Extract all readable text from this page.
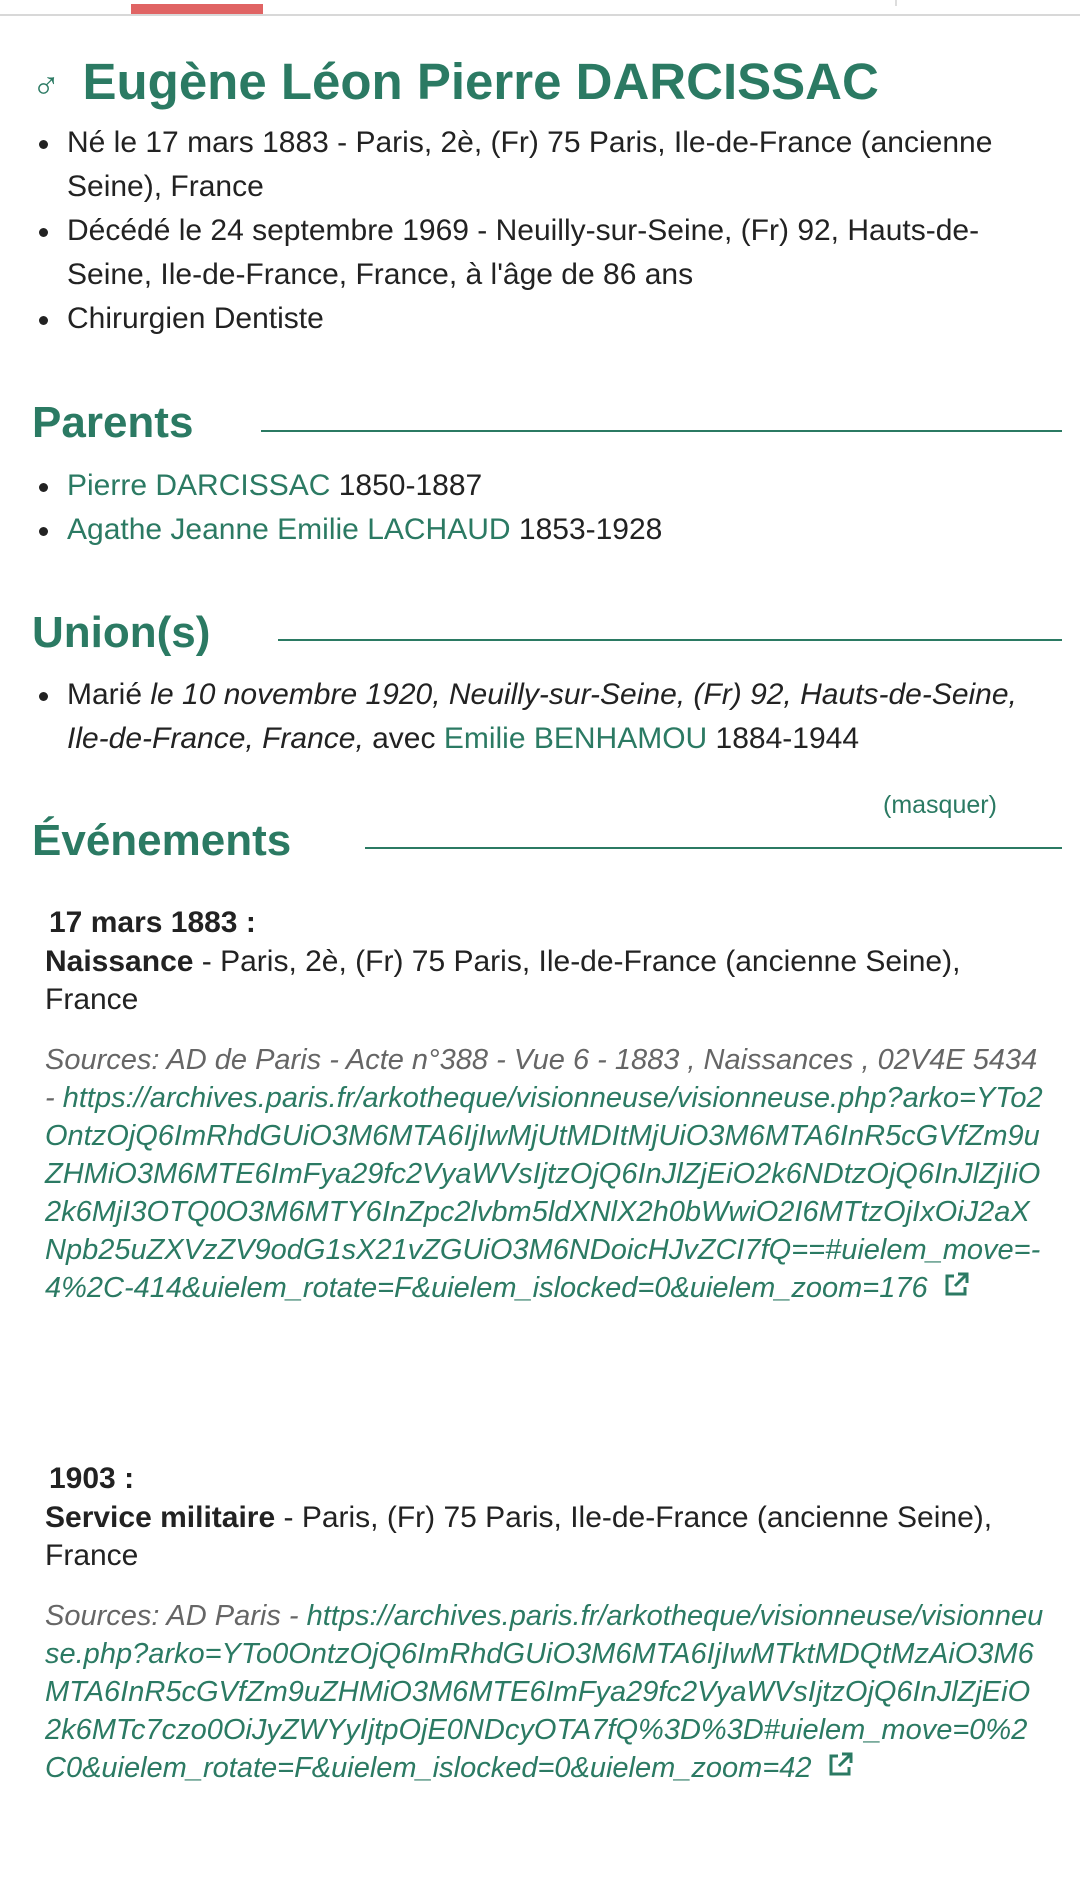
♂ Eugène Léon Pierre DARCISSAC
Né le 17 mars 1883 - Paris, 2è, (Fr) 75 Paris, Ile-de-France (ancienne Seine), France
Décédé le 24 septembre 1969 - Neuilly-sur-Seine, (Fr) 92, Hauts-de-Seine, Ile-de-France, France, à l'âge de 86 ans
Chirurgien Dentiste
Parents
Pierre DARCISSAC 1850-1887
Agathe Jeanne Emilie LACHAUD 1853-1928
Union(s)
Marié le 10 novembre 1920, Neuilly-sur-Seine, (Fr) 92, Hauts-de-Seine, Ile-de-France, France, avec Emilie BENHAMOU 1884-1944
(masquer)
Événements
17 mars 1883 :
Naissance - Paris, 2è, (Fr) 75 Paris, Ile-de-France (ancienne Seine), France
Sources: AD de Paris - Acte n°388 - Vue 6 - 1883 , Naissances , 02V4E 5434 - https://archives.paris.fr/arkotheque/visionneuse/visionneuse.php?arko=YTo2OntzOjQ6ImRhdGUiO3M6MTA6IjIwMjUtMDItMjUiO3M6MTA6InR5cGVfZm9uZHMiO3M6MTE6ImFya29fc2VyaWVsIjtzOjQ6InJlZjEiO2k6NDtzOjQ6InJlZjIiO2k6MjI3OTQ0O3M6MTY6InZpc2lvbm5ldXNlX2h0bWwiO2I6MTtzOjIxOiJ2aXNpb25uZXVzZV9odG1sX21vZGUiO3M6NDoicHJvZCI7fQ==#uielem_move=-4%2C-414&uielem_rotate=F&uielem_islocked=0&uielem_zoom=176
1903 :
Service militaire - Paris, (Fr) 75 Paris, Ile-de-France (ancienne Seine), France
Sources: AD Paris - https://archives.paris.fr/arkotheque/visionneuse/visionneuse.php?arko=YTo0OntzOjQ6ImRhdGUiO3M6MTA6IjIwMTktMDQtMzAiO3M6MTA6InR5cGVfZm9uZHMiO3M6MTE6ImFya29fc2VyaWVsIjtzOjQ6InJlZjEiO2k6MTc7czo0OiJyZWYyIjtpOjE0NDcyOTA7fQ%3D%3D#uielem_move=0%2C0&uielem_rotate=F&uielem_islocked=0&uielem_zoom=42
